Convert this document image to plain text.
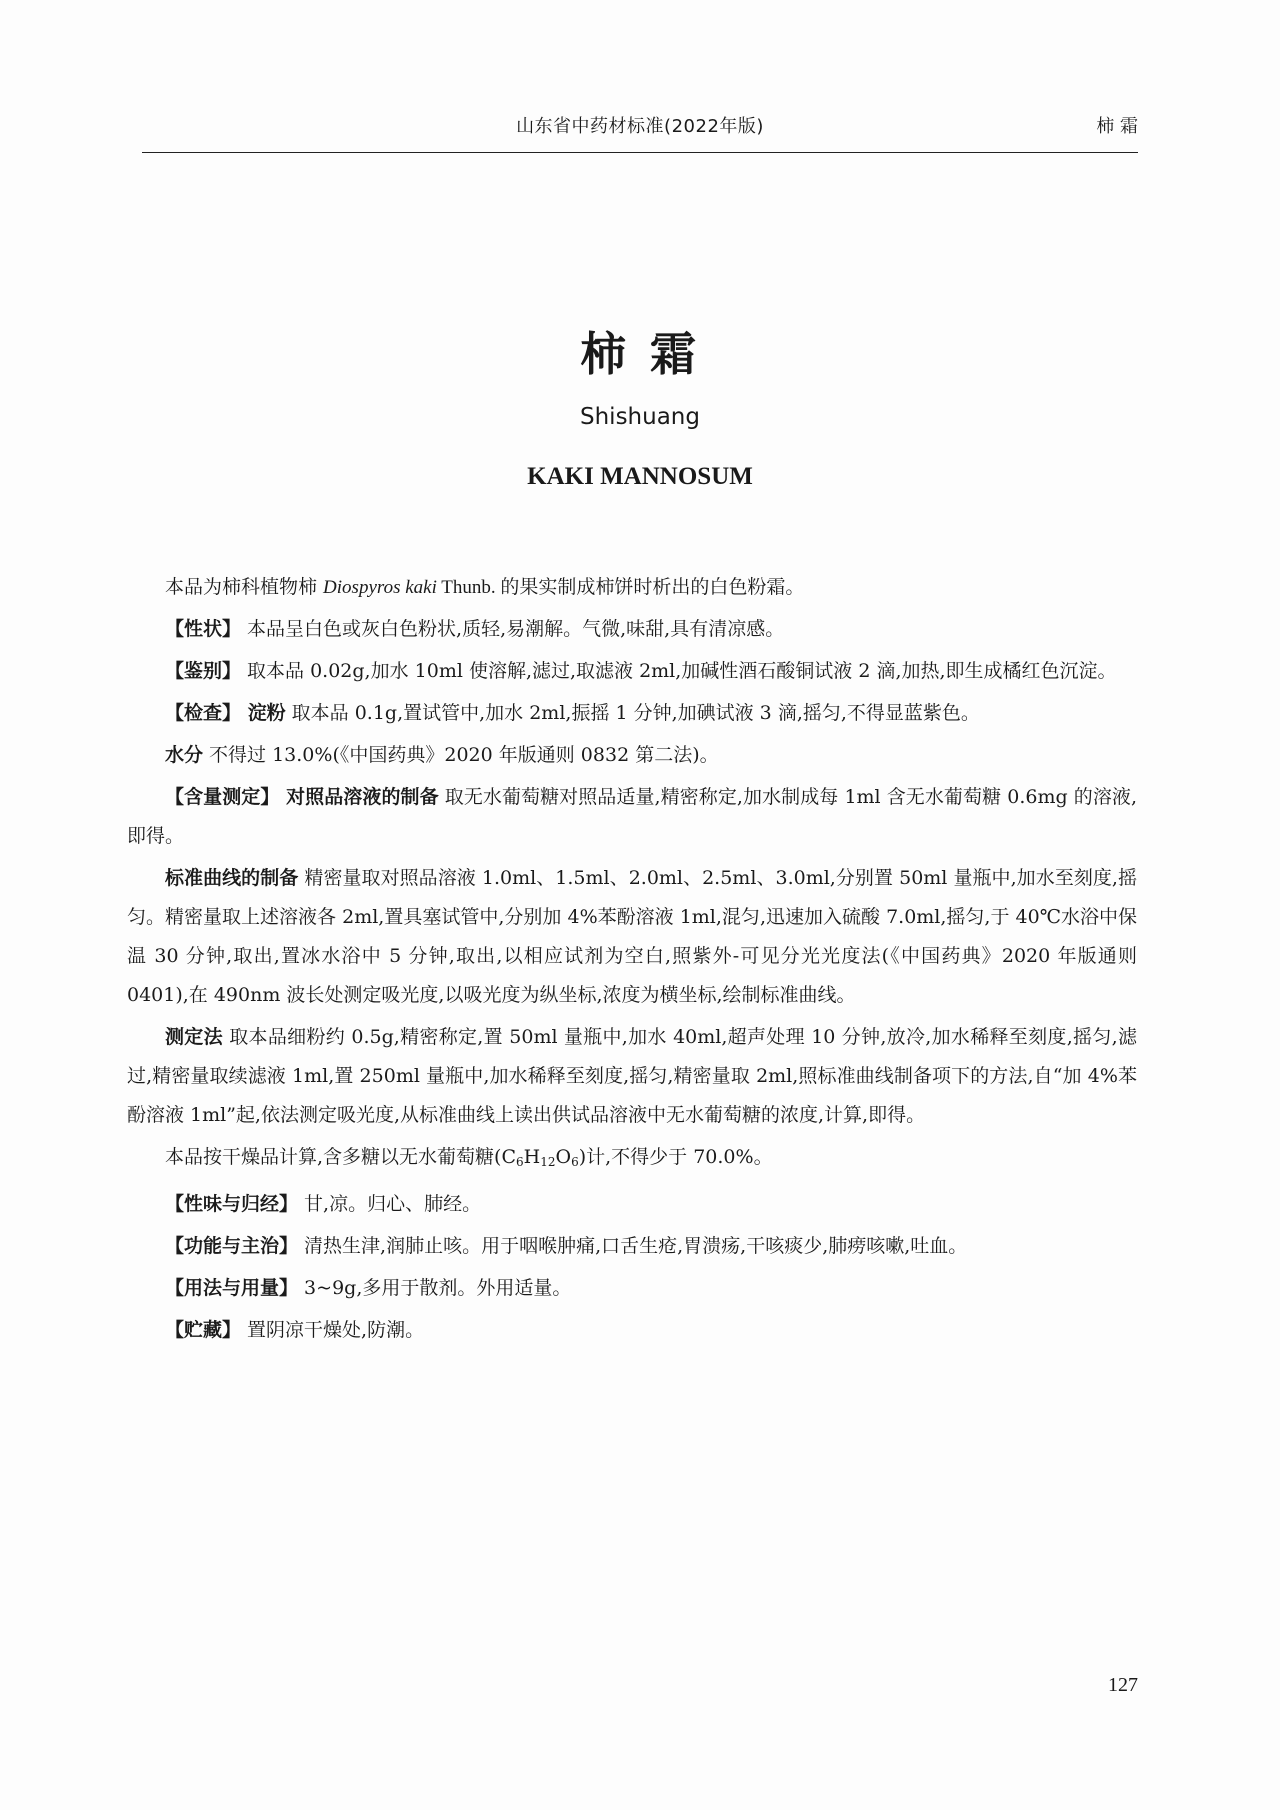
山东省中药材标准(2022年版)	柿 霜
柿 霜
Shishuang
KAKI MANNOSUM

本品为柿科植物柿 Diospyros kaki Thunb. 的果实制成柿饼时析出的白色粉霜。

【性状】 本品呈白色或灰白色粉状,质轻,易潮解。气微,味甜,具有清凉感。

【鉴别】 取本品 0.02g,加水 10ml 使溶解,滤过,取滤液 2ml,加碱性酒石酸铜试液 2 滴,加热,即生成橘红色沉淀。

【检查】 淀粉 取本品 0.1g,置试管中,加水 2ml,振摇 1 分钟,加碘试液 3 滴,摇匀,不得显蓝紫色。

水分 不得过 13.0%(《中国药典》2020 年版通则 0832 第二法)。

【含量测定】 对照品溶液的制备 取无水葡萄糖对照品适量,精密称定,加水制成每 1ml 含无水葡萄糖 0.6mg 的溶液,即得。

标准曲线的制备 精密量取对照品溶液 1.0ml、1.5ml、2.0ml、2.5ml、3.0ml,分别置 50ml 量瓶中,加水至刻度,摇匀。精密量取上述溶液各 2ml,置具塞试管中,分别加 4%苯酚溶液 1ml,混匀,迅速加入硫酸 7.0ml,摇匀,于 40℃水浴中保温 30 分钟,取出,置冰水浴中 5 分钟,取出,以相应试剂为空白,照紫外-可见分光光度法(《中国药典》2020 年版通则 0401),在 490nm 波长处测定吸光度,以吸光度为纵坐标,浓度为横坐标,绘制标准曲线。

测定法 取本品细粉约 0.5g,精密称定,置 50ml 量瓶中,加水 40ml,超声处理 10 分钟,放冷,加水稀释至刻度,摇匀,滤过,精密量取续滤液 1ml,置 250ml 量瓶中,加水稀释至刻度,摇匀,精密量取 2ml,照标准曲线制备项下的方法,自“加 4%苯酚溶液 1ml”起,依法测定吸光度,从标准曲线上读出供试品溶液中无水葡萄糖的浓度,计算,即得。

本品按干燥品计算,含多糖以无水葡萄糖$(C_6H_{12}O_6)$计,不得少于 70.0%。

【性味与归经】 甘,凉。归心、肺经。

【功能与主治】 清热生津,润肺止咳。用于咽喉肿痛,口舌生疮,胃溃疡,干咳痰少,肺痨咳嗽,吐血。

【用法与用量】 3~9g,多用于散剂。外用适量。

【贮藏】 置阴凉干燥处,防潮。

127
